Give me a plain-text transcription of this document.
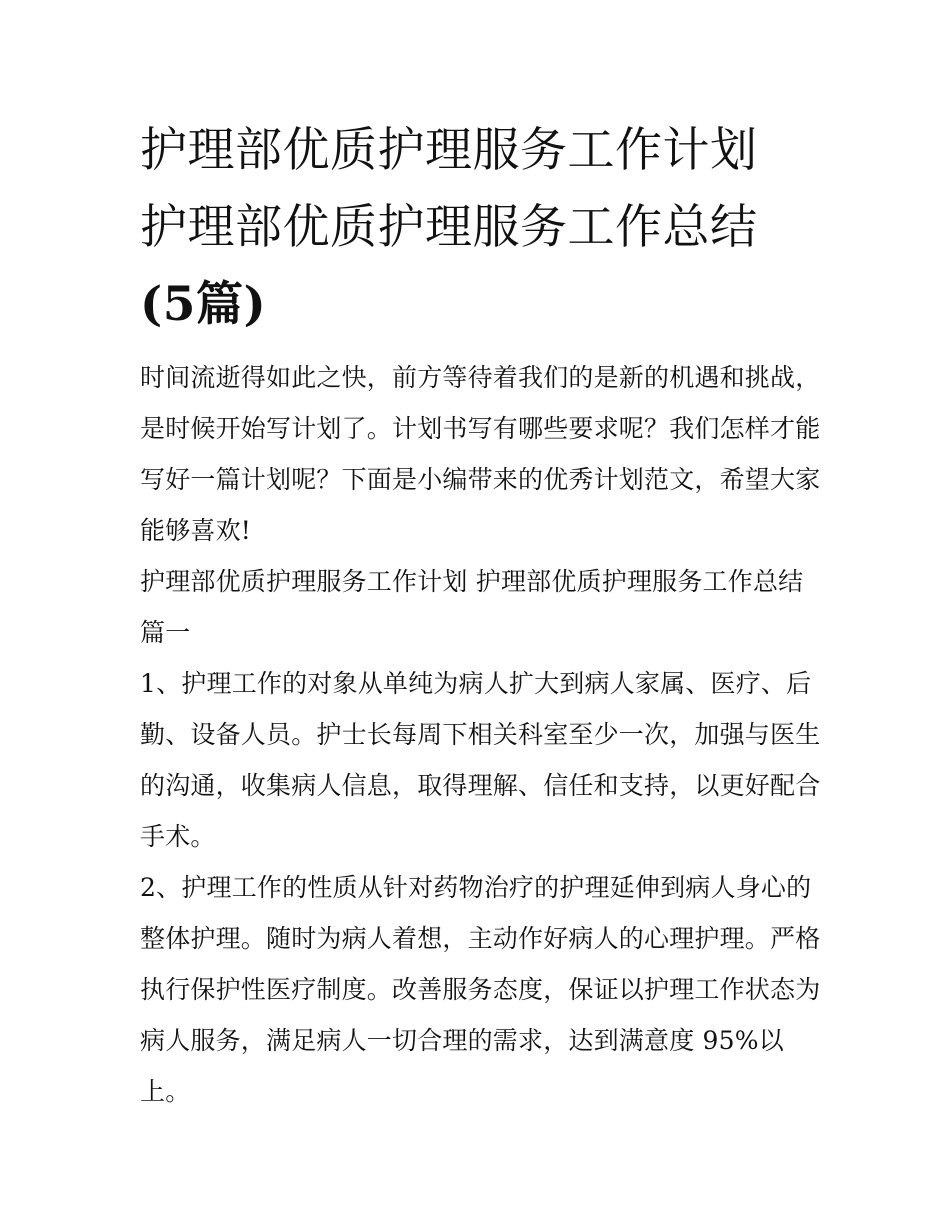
护理部优质护理服务工作计划
护理部优质护理服务工作总结
(5篇)
时间流逝得如此之快，前方等待着我们的是新的机遇和挑战，
是时候开始写计划了。计划书写有哪些要求呢？我们怎样才能
写好一篇计划呢？下面是小编带来的优秀计划范文，希望大家
能够喜欢!
护理部优质护理服务工作计划 护理部优质护理服务工作总结
篇一
1、护理工作的对象从单纯为病人扩大到病人家属、医疗、后
勤、设备人员。护士长每周下相关科室至少一次，加强与医生
的沟通，收集病人信息，取得理解、信任和支持，以更好配合
手术。
2、护理工作的性质从针对药物治疗的护理延伸到病人身心的
整体护理。随时为病人着想，主动作好病人的心理护理。严格
执行保护性医疗制度。改善服务态度，保证以护理工作状态为
病人服务，满足病人一切合理的需求，达到满意度 95%以
上。
